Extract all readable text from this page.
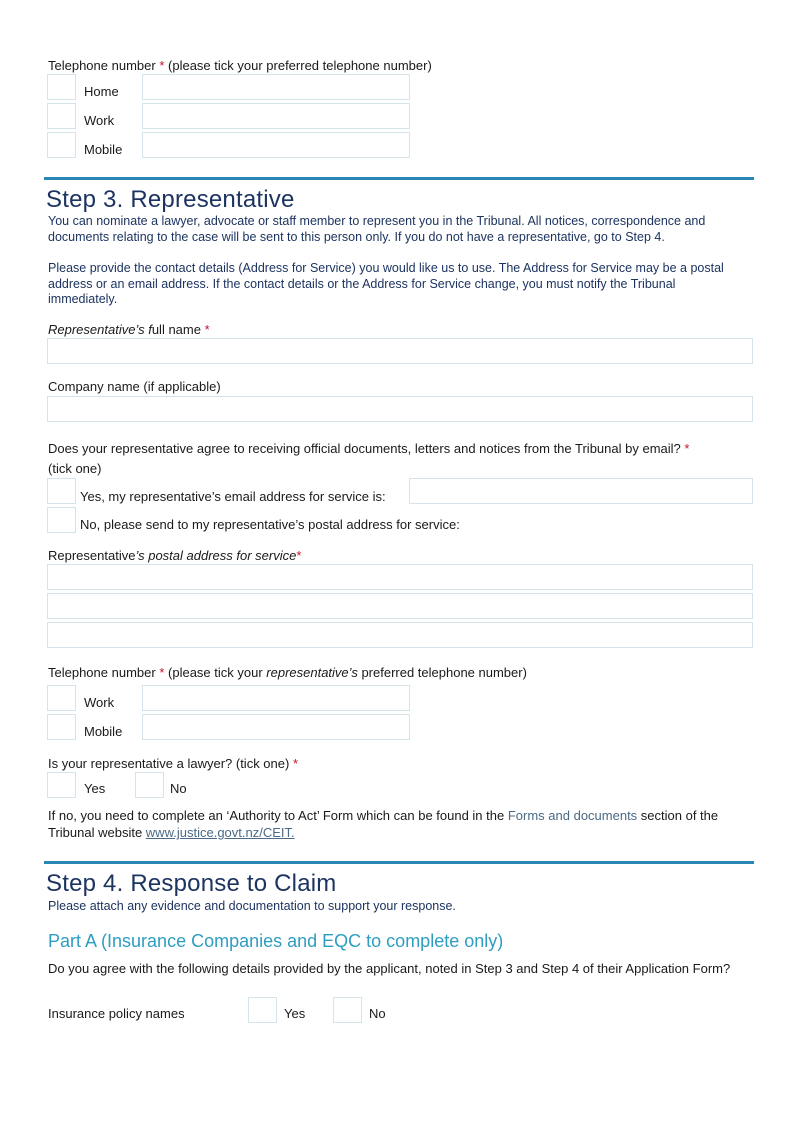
Telephone number * (please tick your preferred telephone number)
Home
Work
Mobile
Step 3. Representative
You can nominate a lawyer, advocate or staff member to represent you in the Tribunal. All notices, correspondence and documents relating to the case will be sent to this person only. If you do not have a representative, go to Step 4.
Please provide the contact details (Address for Service) you would like us to use. The Address for Service may be a postal address or an email address. If the contact details or the Address for Service change, you must notify the Tribunal immediately.
Representative’s full name *
Company name (if applicable)
Does your representative agree to receiving official documents, letters and notices from the Tribunal by email? *
(tick one)
Yes, my representative’s email address for service is:
No, please send to my representative’s postal address for service:
Representative’s postal address for service*
Telephone number * (please tick your representative’s preferred telephone number)
Work
Mobile
Is your representative a lawyer? (tick one) *
Yes	No
If no, you need to complete an ‘Authority to Act’ Form which can be found in the Forms and documents section of the Tribunal website www.justice.govt.nz/CEIT.
Step 4. Response to Claim
Please attach any evidence and documentation to support your response.
Part A (Insurance Companies and EQC to complete only)
Do you agree with the following details provided by the applicant, noted in Step 3 and Step 4 of their Application Form?
Insurance policy names	Yes	No
